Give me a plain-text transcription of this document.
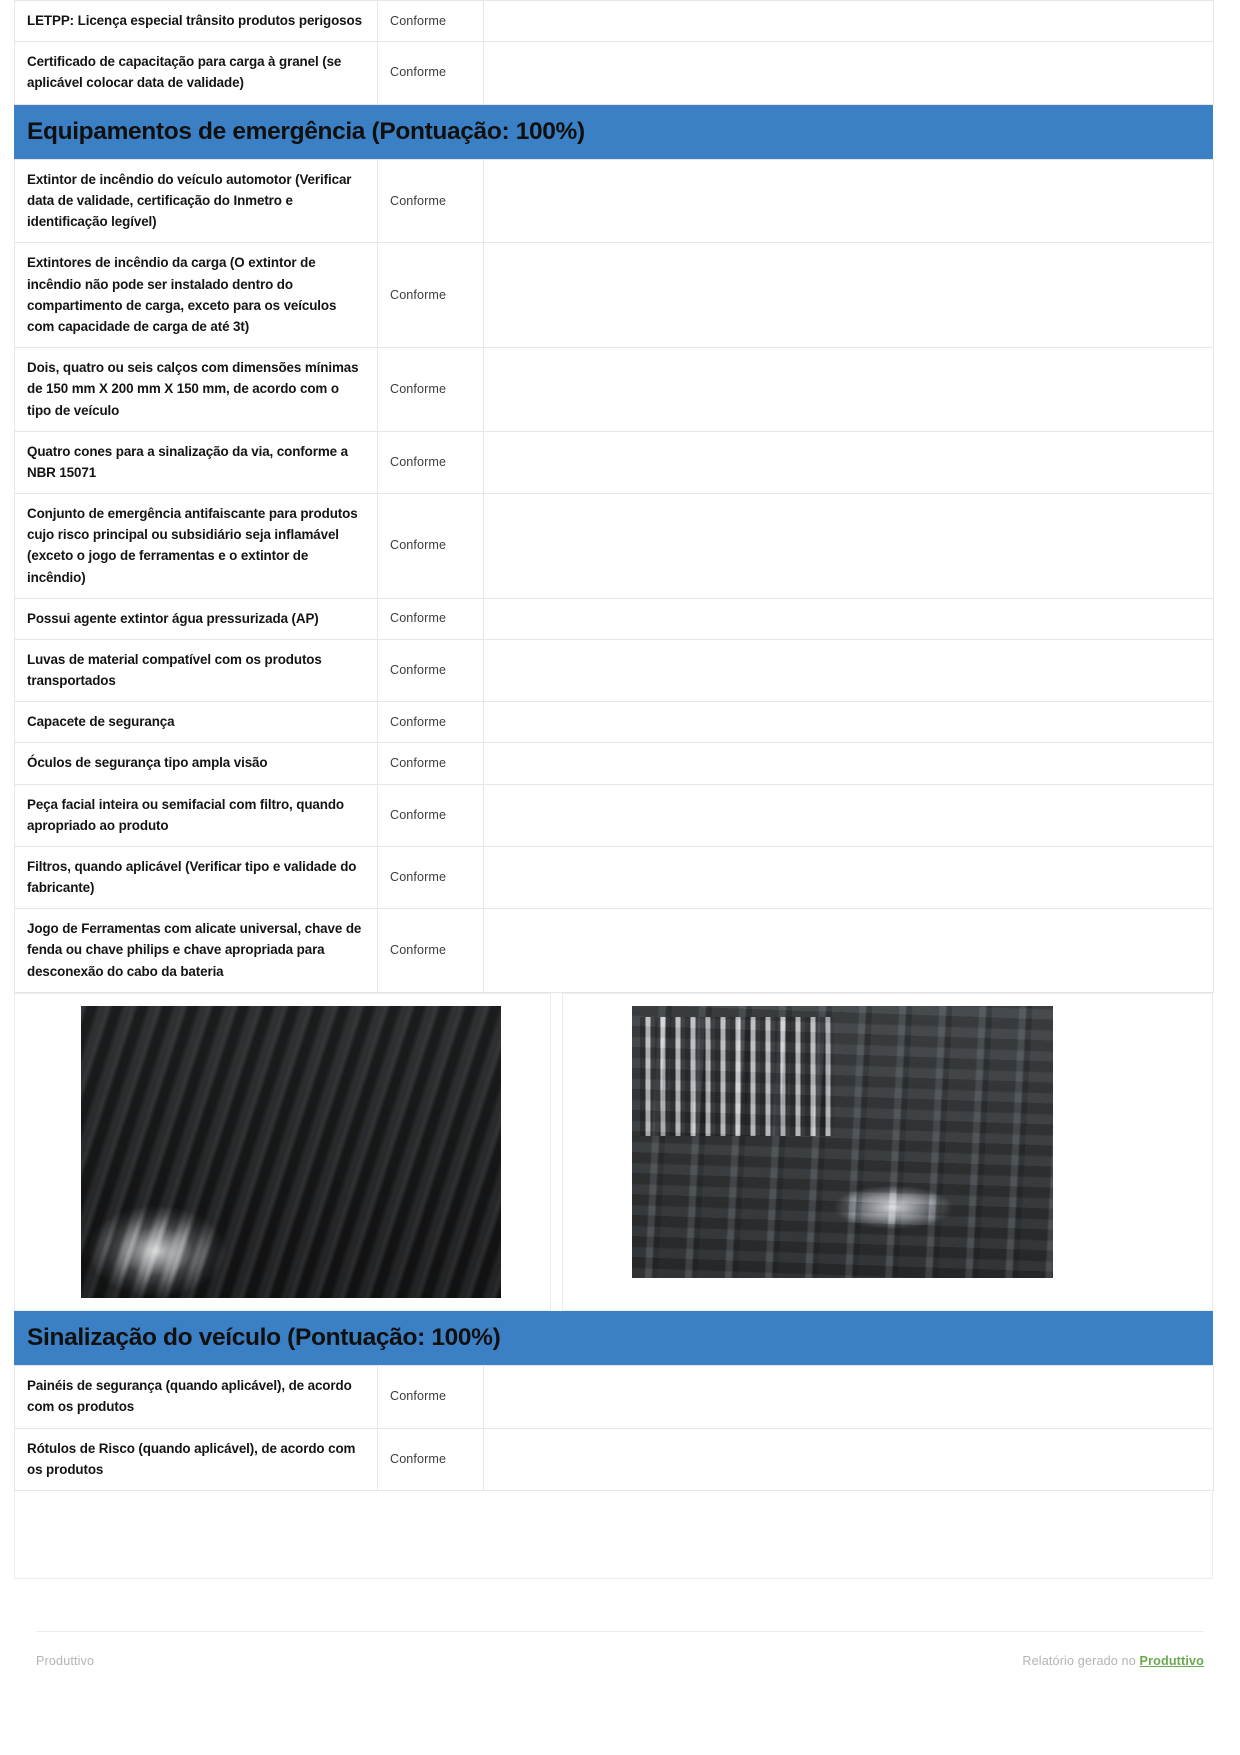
LETPP: Licença especial trânsito produtos perigosos	Conforme	
Certificado de capacitação para carga à granel (se aplicável colocar data de validade)	Conforme	
Equipamentos de emergência (Pontuação: 100%)
Extintor de incêndio do veículo automotor (Verificar data de validade, certificação do Inmetro e identificação legível)	Conforme	
Extintores de incêndio da carga (O extintor de incêndio não pode ser instalado dentro do compartimento de carga, exceto para os veículos com capacidade de carga de até 3t)	Conforme	
Dois, quatro ou seis calços com dimensões mínimas de 150 mm X 200 mm X 150 mm, de acordo com o tipo de veículo	Conforme	
Quatro cones para a sinalização da via, conforme a NBR 15071	Conforme	
Conjunto de emergência antifaiscante para produtos cujo risco principal ou subsidiário seja inflamável (exceto o jogo de ferramentas e o extintor de incêndio)	Conforme	
Possui agente extintor água pressurizada (AP)	Conforme	
Luvas de material compatível com os produtos transportados	Conforme	
Capacete de segurança	Conforme	
Óculos de segurança tipo ampla visão	Conforme	
Peça facial inteira ou semifacial com filtro, quando apropriado ao produto	Conforme	
Filtros, quando aplicável (Verificar tipo e validade do fabricante)	Conforme	
Jogo de Ferramentas com alicate universal, chave de fenda ou chave philips e chave apropriada para desconexão do cabo da bateria	Conforme	
Sinalização do veículo (Pontuação: 100%)
Painéis de segurança (quando aplicável), de acordo com os produtos	Conforme	
Rótulos de Risco (quando aplicável), de acordo com os produtos	Conforme	
Produttivo	Relatório gerado no Produttivo
